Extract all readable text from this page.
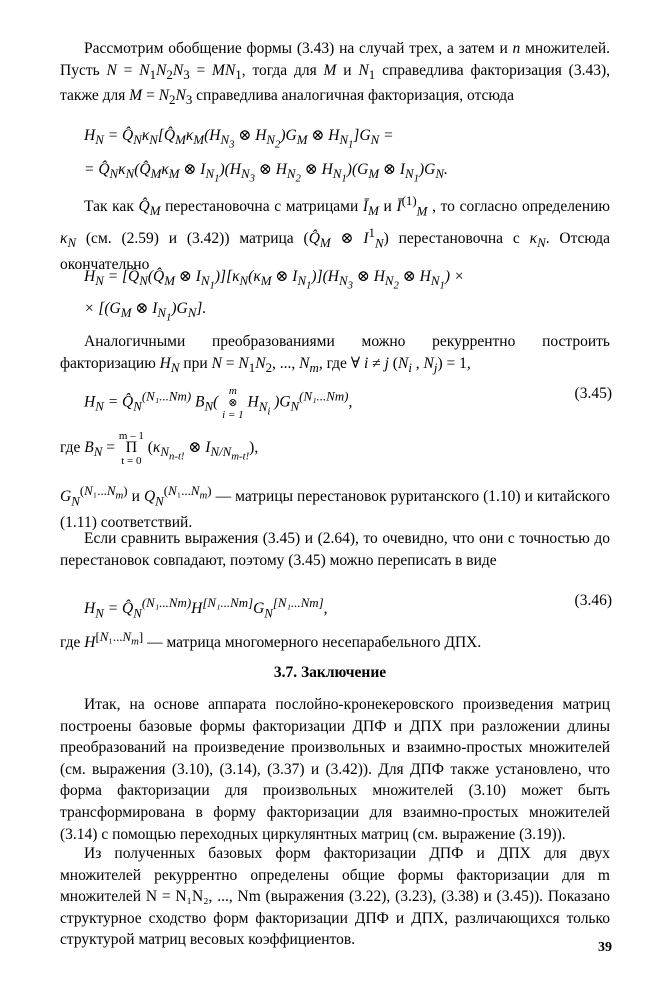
Рассмотрим обобщение формы (3.43) на случай трех, а затем и n множителей. Пусть $N = N_1N_2N_3 = MN_1$, тогда для M и $N_1$ справедлива факторизация (3.43), также для $M = N_2N_3$ справедлива аналогичная факторизация, отсюда
$H_N$ = $Q̂_N\kappa_N[Q̂_M\kappa_M(H_{N_3}$ ⊗ $H_{N_2})G_M$ ⊗ $H_{N_1}]G_N$ =
= $Q̂_N\kappa_N(Q̂_M\kappa_M$ ⊗ $I_{N_1})(H_{N_3}$ ⊗ $H_{N_2}$ ⊗ $H_{N_1})(G_M$ ⊗ $I_{N_1})G_N$.
Так как $Q̂_M$ перестановочна с матрицами $Ī_M$ и $Ī^{(1)}_M$ , то согласно определению $\kappa_N$ (см. (2.59) и (3.42)) матрица ($Q̂_M$ ⊗ $I^1_N$) перестановочна с $\kappa_N$. Отсюда окончательно
$H_N$ = [$Q̂_N(Q̂_M$ ⊗ $I_{N_1})][\kappa_N(\kappa_M$ ⊗ $I_{N_1})](H_{N_3}$ ⊗ $H_{N_2}$ ⊗ $H_{N_1}$) ×
× [($G_M$ ⊗ $I_{N_1})G_N$].
Аналогичными преобразованиями можно рекуррентно построить факторизацию $H_N$ при $N = N_1N_2$, ..., $N_m$, где ∀ i ≠ j ($N_i$ , $N_j) = 1$,
$H_N$ = $Q̂_N^{(N_1...Nm)}$ $B_N$( m
⊗
i = 1 $H_{N_i}$ )$G_N^{(N_1...Nm)}$,
(3.45)
где $B_N = m - 1$
Π
t = 0 ($\kappa_{N_{n-t!}}$ ⊗ $I_{N/N_{m-t!}}$),
$G_N^{(N_1...N_m)}$ и $Q_N^{(N_1...N_m)}$ — матрицы перестановок руританского (1.10) и китайского (1.11) соответствий.
Если сравнить выражения (3.45) и (2.64), то очевидно, что они с точностью до перестановок совпадают, поэтому (3.45) можно переписать в виде
$H_N$ = $Q̂_N^{(N_1...Nm)}H[N_1...Nm]G_N[N_1...Nm]$,	(3.46)
где H[N₁...Nm] — матрица многомерного несепарабельного ДПХ.
3.7. Заключение
Итак, на основе аппарата послойно-кронекеровского произведения матриц построены базовые формы факторизации ДПФ и ДПХ при разложении длины преобразований на произведение произвольных и взаимно-простых множителей (см. выражения (3.10), (3.14), (3.37) и (3.42)). Для ДПФ также установлено, что форма факторизации для произвольных множителей (3.10) может быть трансформирована в форму факторизации для взаимно-простых множителей (3.14) с помощью переходных циркулянтных матриц (см. выражение (3.19)).
Из полученных базовых форм факторизации ДПФ и ДПХ для двух множителей рекуррентно определены общие формы факторизации для m множителей N = N₁N₂, ..., Nm (выражения (3.22), (3.23), (3.38) и (3.45)). Показано структурное сходство форм факторизации ДПФ и ДПХ, различающихся только структурой матриц весовых коэффициентов.	39
